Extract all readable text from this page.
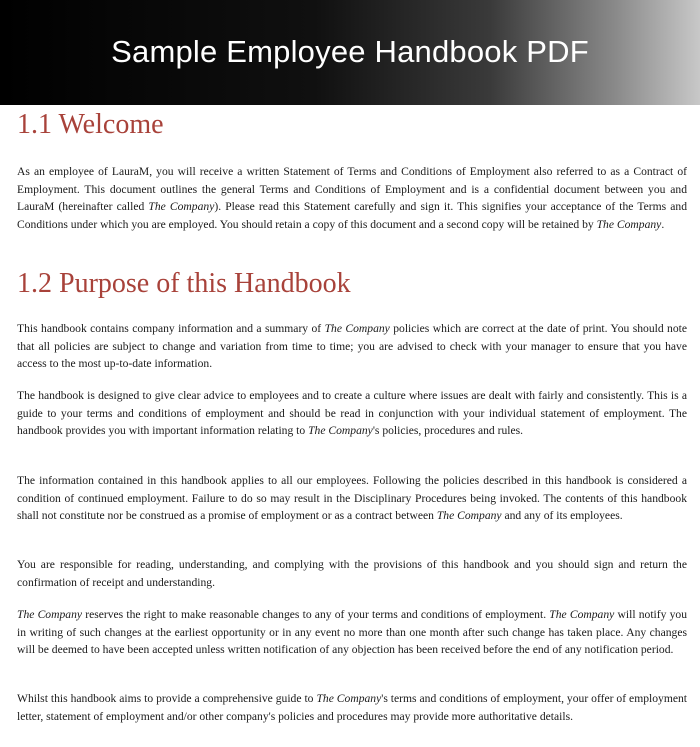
Sample Employee Handbook PDF
1.1 Welcome

As an employee of LauraM, you will receive a written Statement of Terms and Conditions of Employment also referred to as a Contract of Employment. This document outlines the general Terms and Conditions of Employment and is a confidential document between you and LauraM (hereinafter called The Company). Please read this Statement carefully and sign it. This signifies your acceptance of the Terms and Conditions under which you are employed. You should retain a copy of this document and a second copy will be retained by The Company.

1.2 Purpose of this Handbook

This handbook contains company information and a summary of The Company policies which are correct at the date of print. You should note that all policies are subject to change and variation from time to time; you are advised to check with your manager to ensure that you have access to the most up-to-date information.

The handbook is designed to give clear advice to employees and to create a culture where issues are dealt with fairly and consistently. This is a guide to your terms and conditions of employment and should be read in conjunction with your individual statement of employment. The handbook provides you with important information relating to The Company's policies, procedures and rules.

The information contained in this handbook applies to all our employees. Following the policies described in this handbook is considered a condition of continued employment. Failure to do so may result in the Disciplinary Procedures being invoked. The contents of this handbook shall not constitute nor be construed as a promise of employment or as a contract between The Company and any of its employees.

You are responsible for reading, understanding, and complying with the provisions of this handbook and you should sign and return the confirmation of receipt and understanding.

The Company reserves the right to make reasonable changes to any of your terms and conditions of employment. The Company will notify you in writing of such changes at the earliest opportunity or in any event no more than one month after such change has taken place. Any changes will be deemed to have been accepted unless written notification of any objection has been received before the end of any notification period.

Whilst this handbook aims to provide a comprehensive guide to The Company's terms and conditions of employment, your offer of employment letter, statement of employment and/or other company's policies and procedures may provide more authoritative details.
